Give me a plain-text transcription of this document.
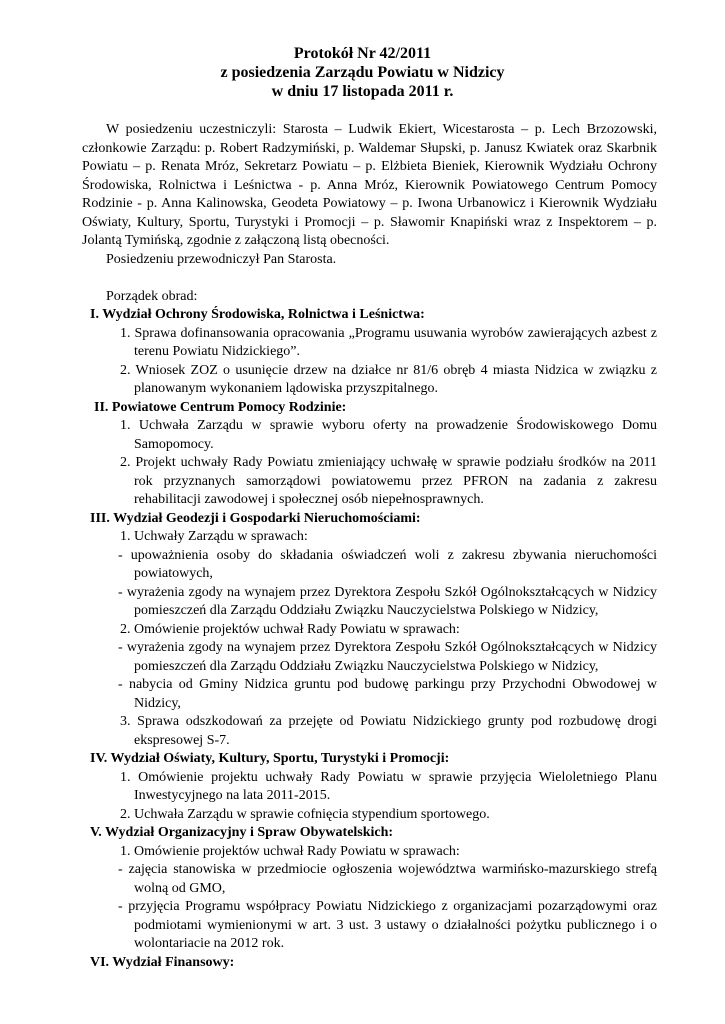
Protokół Nr 42/2011
z posiedzenia Zarządu Powiatu w Nidzicy
w dniu 17 listopada 2011 r.

W posiedzeniu uczestniczyli: Starosta – Ludwik Ekiert, Wicestarosta – p. Lech Brzozowski, członkowie Zarządu: p. Robert Radzymiński, p. Waldemar Słupski, p. Janusz Kwiatek oraz Skarbnik Powiatu – p. Renata Mróz, Sekretarz Powiatu – p. Elżbieta Bieniek, Kierownik Wydziału Ochrony Środowiska, Rolnictwa i Leśnictwa - p. Anna Mróz, Kierownik Powiatowego Centrum Pomocy Rodzinie - p. Anna Kalinowska, Geodeta Powiatowy – p. Iwona Urbanowicz i Kierownik Wydziału Oświaty, Kultury, Sportu, Turystyki i Promocji – p. Sławomir Knapiński wraz z Inspektorem – p. Jolantą Tymińską, zgodnie z załączoną listą obecności.

Posiedzeniu przewodniczył Pan Starosta.

Porządek obrad:

I. Wydział Ochrony Środowiska, Rolnictwa i Leśnictwa:

1. Sprawa dofinansowania opracowania „Programu usuwania wyrobów zawierających azbest z terenu Powiatu Nidzickiego”.

2. Wniosek ZOZ o usunięcie drzew na działce nr 81/6 obręb 4 miasta Nidzica w związku z planowanym wykonaniem lądowiska przyszpitalnego.

II. Powiatowe Centrum Pomocy Rodzinie:

1. Uchwała Zarządu w sprawie wyboru oferty na prowadzenie Środowiskowego Domu Samopomocy.

2. Projekt uchwały Rady Powiatu zmieniający uchwałę w sprawie podziału środków na 2011 rok przyznanych samorządowi powiatowemu przez PFRON na zadania z zakresu rehabilitacji zawodowej i społecznej osób niepełnosprawnych.

III. Wydział Geodezji i Gospodarki Nieruchomościami:

1. Uchwały Zarządu w sprawach:

- upoważnienia osoby do składania oświadczeń woli z zakresu zbywania nieruchomości powiatowych,

- wyrażenia zgody na wynajem przez Dyrektora Zespołu Szkół Ogólnokształcących w Nidzicy pomieszczeń dla Zarządu Oddziału Związku Nauczycielstwa Polskiego w Nidzicy,

2. Omówienie projektów uchwał Rady Powiatu w sprawach:

- wyrażenia zgody na wynajem przez Dyrektora Zespołu Szkół Ogólnokształcących w Nidzicy pomieszczeń dla Zarządu Oddziału Związku Nauczycielstwa Polskiego w Nidzicy,

- nabycia od Gminy Nidzica gruntu pod budowę parkingu przy Przychodni Obwodowej w Nidzicy,

3. Sprawa odszkodowań za przejęte od Powiatu Nidzickiego grunty pod rozbudowę drogi ekspresowej S-7.

IV. Wydział Oświaty, Kultury, Sportu, Turystyki i Promocji:

1. Omówienie projektu uchwały Rady Powiatu w sprawie przyjęcia Wieloletniego Planu Inwestycyjnego na lata 2011-2015.

2. Uchwała Zarządu w sprawie cofnięcia stypendium sportowego.

V. Wydział Organizacyjny i Spraw Obywatelskich:

1. Omówienie projektów uchwał Rady Powiatu w sprawach:

- zajęcia stanowiska w przedmiocie ogłoszenia województwa warmińsko-mazurskiego strefą wolną od GMO,

- przyjęcia Programu współpracy Powiatu Nidzickiego z organizacjami pozarządowymi oraz podmiotami wymienionymi w art. 3 ust. 3 ustawy o działalności pożytku publicznego i o wolontariacie na 2012 rok.

VI. Wydział Finansowy:
